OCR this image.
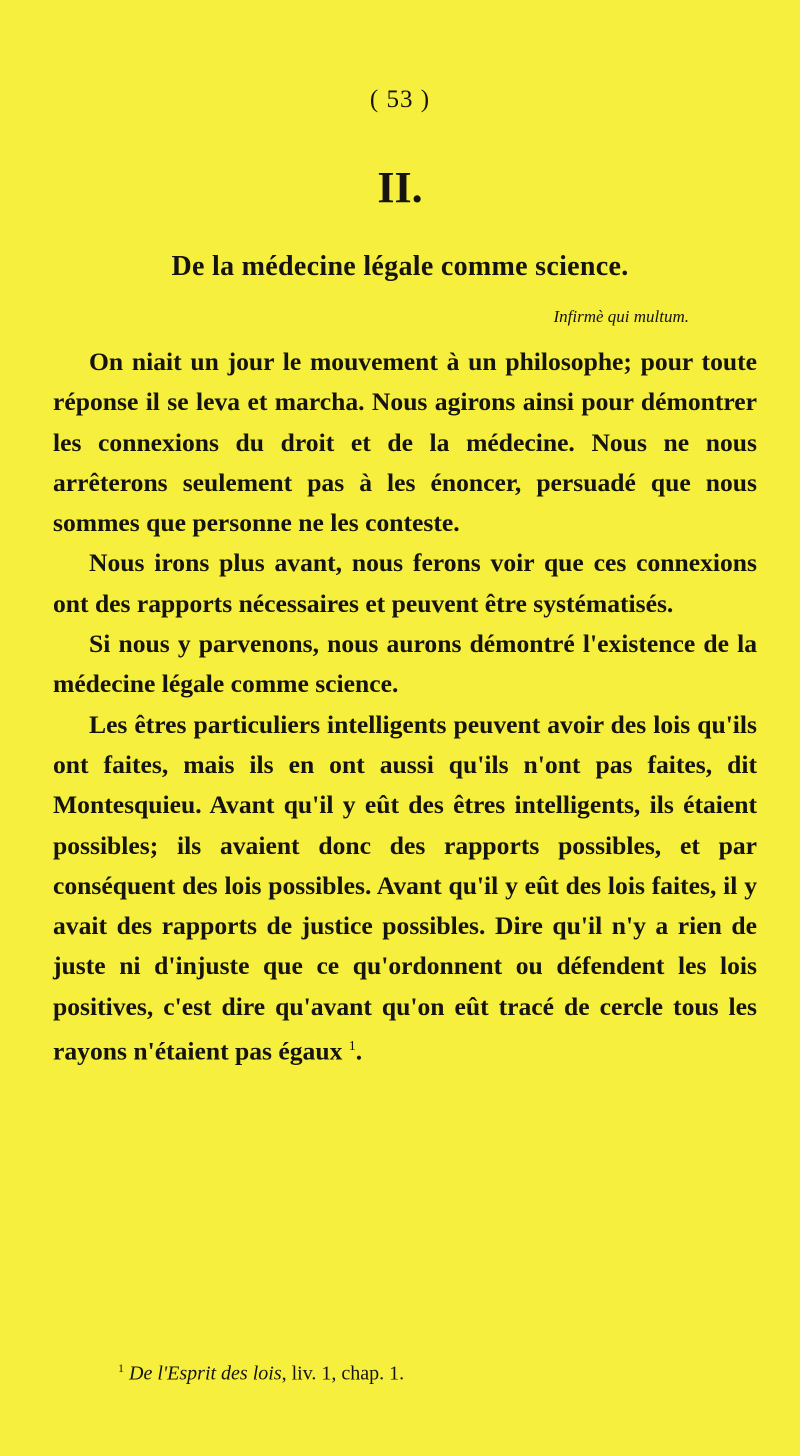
( 53 )
II.
De la médecine légale comme science.
Infirmè qui multum.

On niait un jour le mouvement à un philosophe; pour toute réponse il se leva et marcha. Nous agirons ainsi pour démontrer les connexions du droit et de la médecine. Nous ne nous arrêterons seulement pas à les énoncer, persuadé que nous sommes que personne ne les conteste.

Nous irons plus avant, nous ferons voir que ces connexions ont des rapports nécessaires et peuvent être systématisés.

Si nous y parvenons, nous aurons démontré l'existence de la médecine légale comme science.

Les êtres particuliers intelligents peuvent avoir des lois qu'ils ont faites, mais ils en ont aussi qu'ils n'ont pas faites, dit Montesquieu. Avant qu'il y eût des êtres intelligents, ils étaient possibles; ils avaient donc des rapports possibles, et par conséquent des lois possibles. Avant qu'il y eût des lois faites, il y avait des rapports de justice possibles. Dire qu'il n'y a rien de juste ni d'injuste que ce qu'ordonnent ou défendent les lois positives, c'est dire qu'avant qu'on eût tracé de cercle tous les rayons n'étaient pas égaux $^1$.

$^1$ De l'Esprit des lois, liv. 1, chap. 1.
